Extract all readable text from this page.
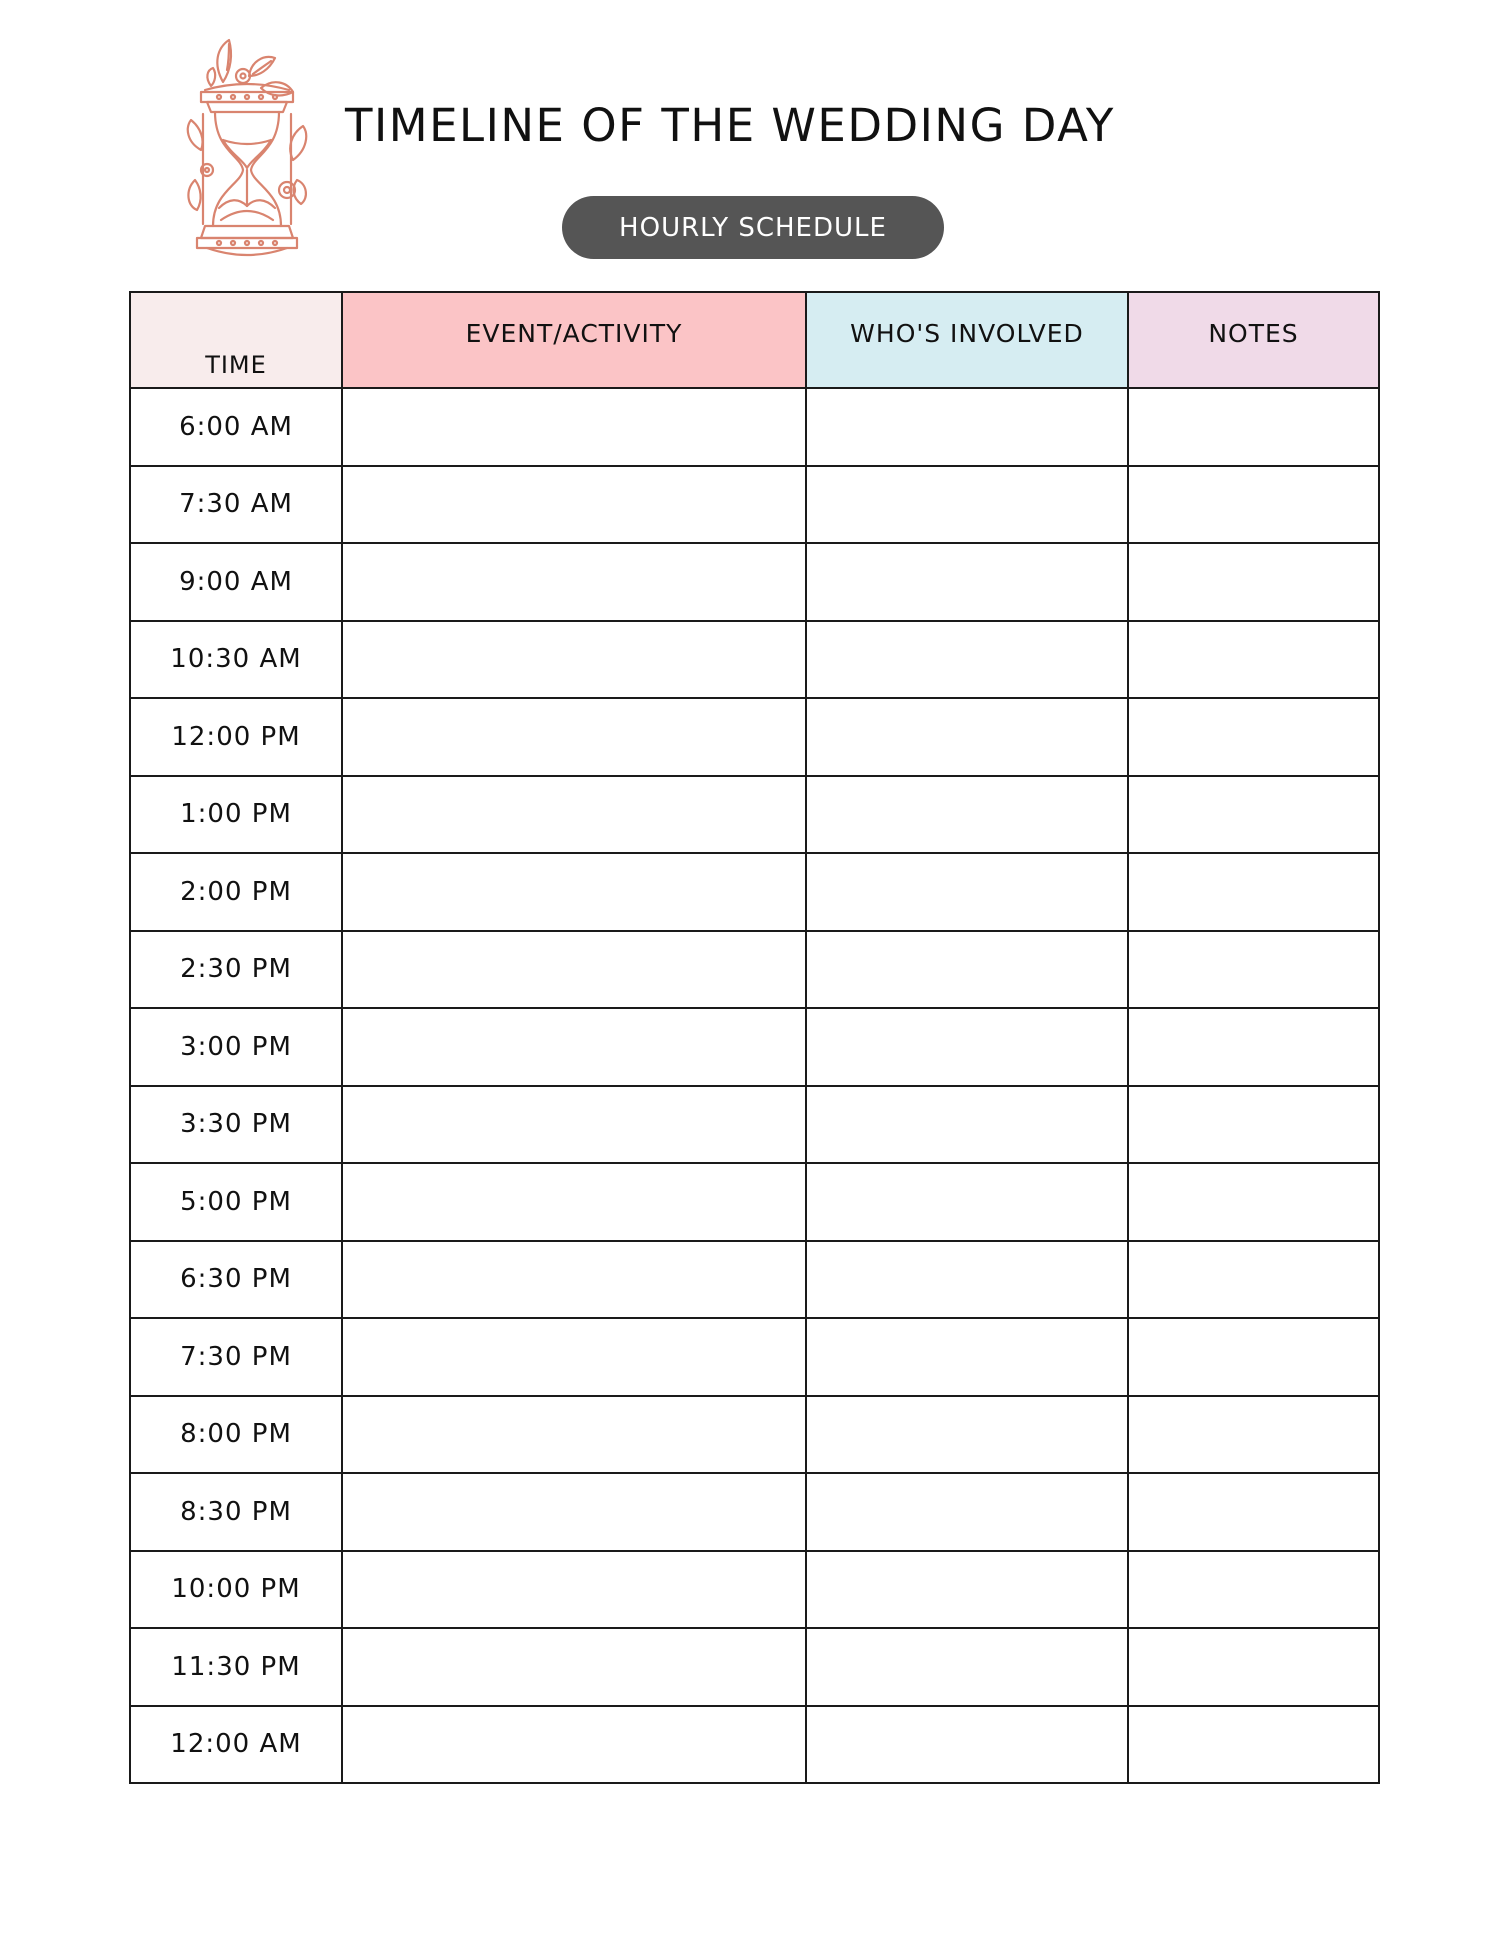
TIMELINE OF THE WEDDING DAY
HOURLY SCHEDULE
TIME	EVENT/ACTIVITY	WHO'S INVOLVED	NOTES
6:00 AM			
7:30 AM			
9:00 AM			
10:30 AM			
12:00 PM			
1:00 PM			
2:00 PM			
2:30 PM			
3:00 PM			
3:30 PM			
5:00 PM			
6:30 PM			
7:30 PM			
8:00 PM			
8:30 PM			
10:00 PM			
11:30 PM			
12:00 AM			
